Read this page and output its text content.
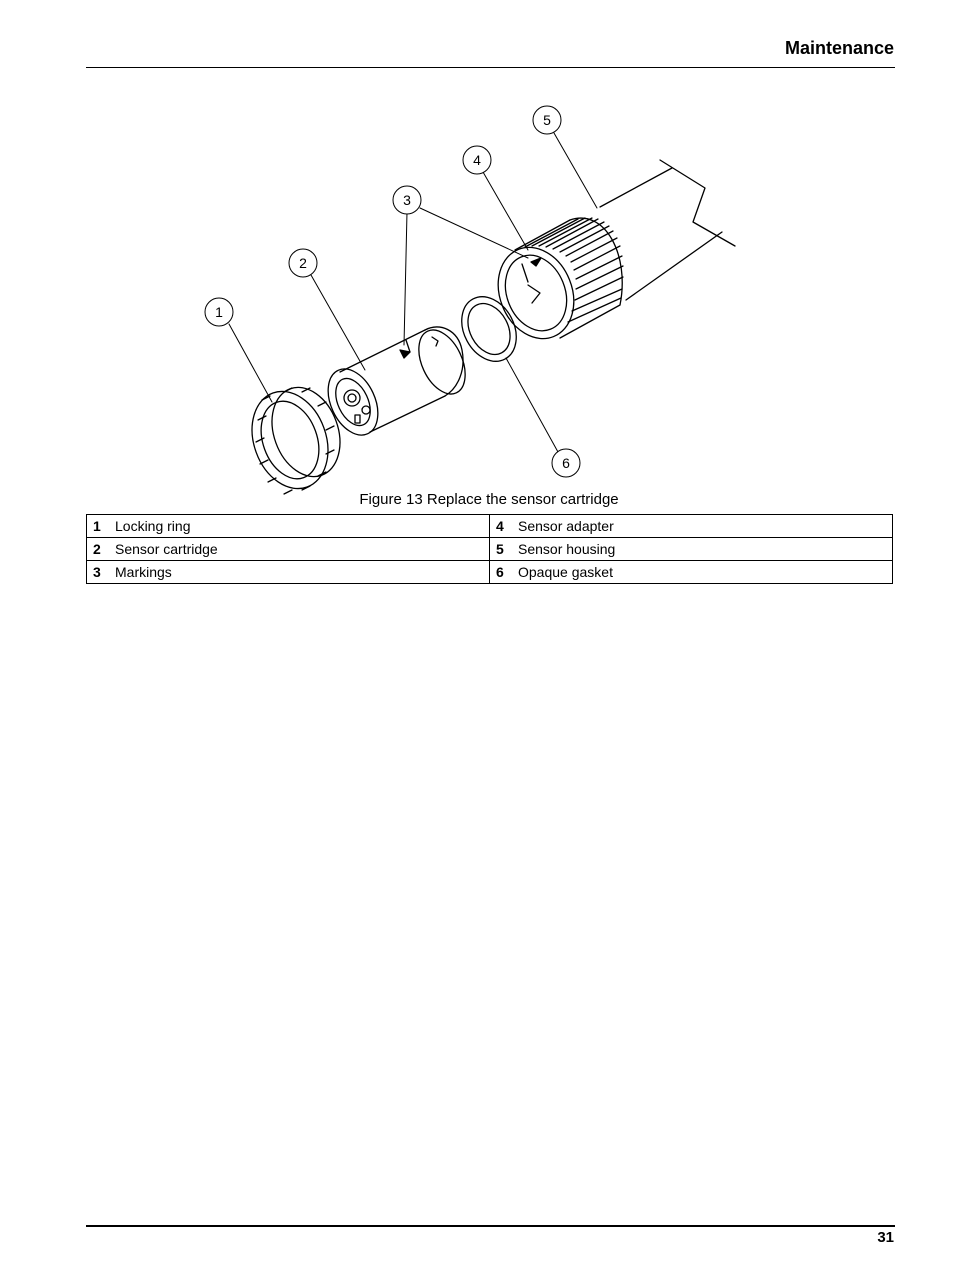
Maintenance
1
2
3
4
5
6
Figure 13 Replace the sensor cartridge
1 Locking ring	4 Sensor adapter
2 Sensor cartridge	5 Sensor housing
3 Markings	6 Opaque gasket
31
